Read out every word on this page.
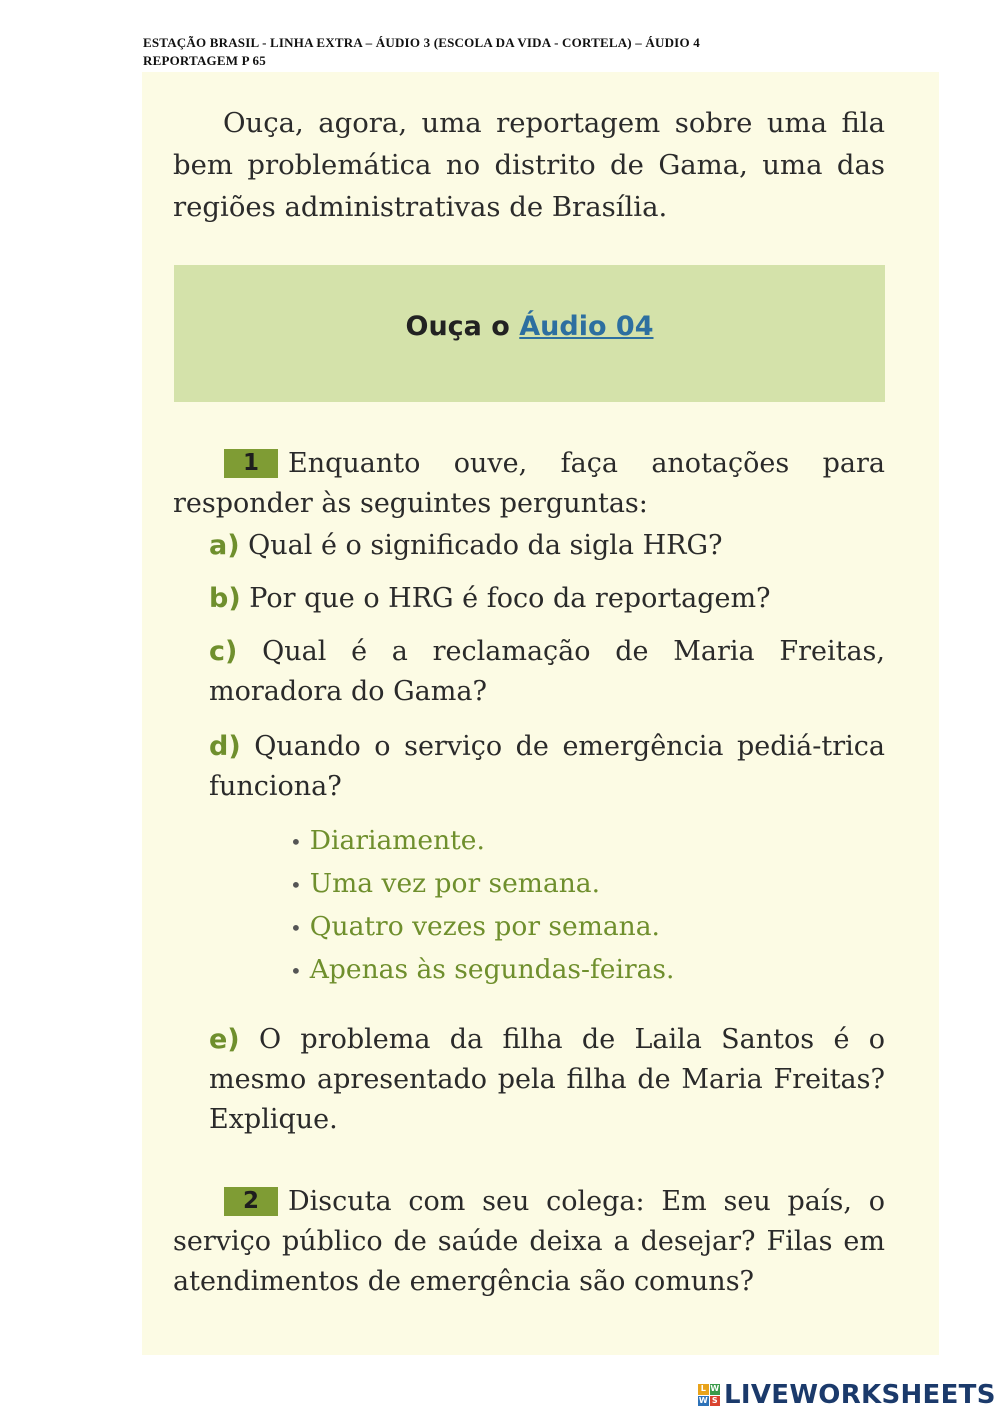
ESTAÇÃO BRASIL - LINHA EXTRA – ÁUDIO 3 (ESCOLA DA VIDA - CORTELA) – ÁUDIO 4
REPORTAGEM P 65
Ouça, agora, uma reportagem sobre uma fila bem problemática no distrito de Gama, uma das regiões administrativas de Brasília.
Ouça o Áudio 04
1 Enquanto ouve, faça anotações para responder às seguintes perguntas:
a) Qual é o significado da sigla HRG?
b) Por que o HRG é foco da reportagem?
c) Qual é a reclamação de Maria Freitas, moradora do Gama?
d) Quando o serviço de emergência pediá-trica funciona?
• Diariamente.
• Uma vez por semana.
• Quatro vezes por semana.
• Apenas às segundas-feiras.
e) O problema da filha de Laila Santos é o mesmo apresentado pela filha de Maria Freitas? Explique.
2 Discuta com seu colega: Em seu país, o serviço público de saúde deixa a desejar? Filas em atendimentos de emergência são comuns?
L W
W S LIVEWORKSHEETS
